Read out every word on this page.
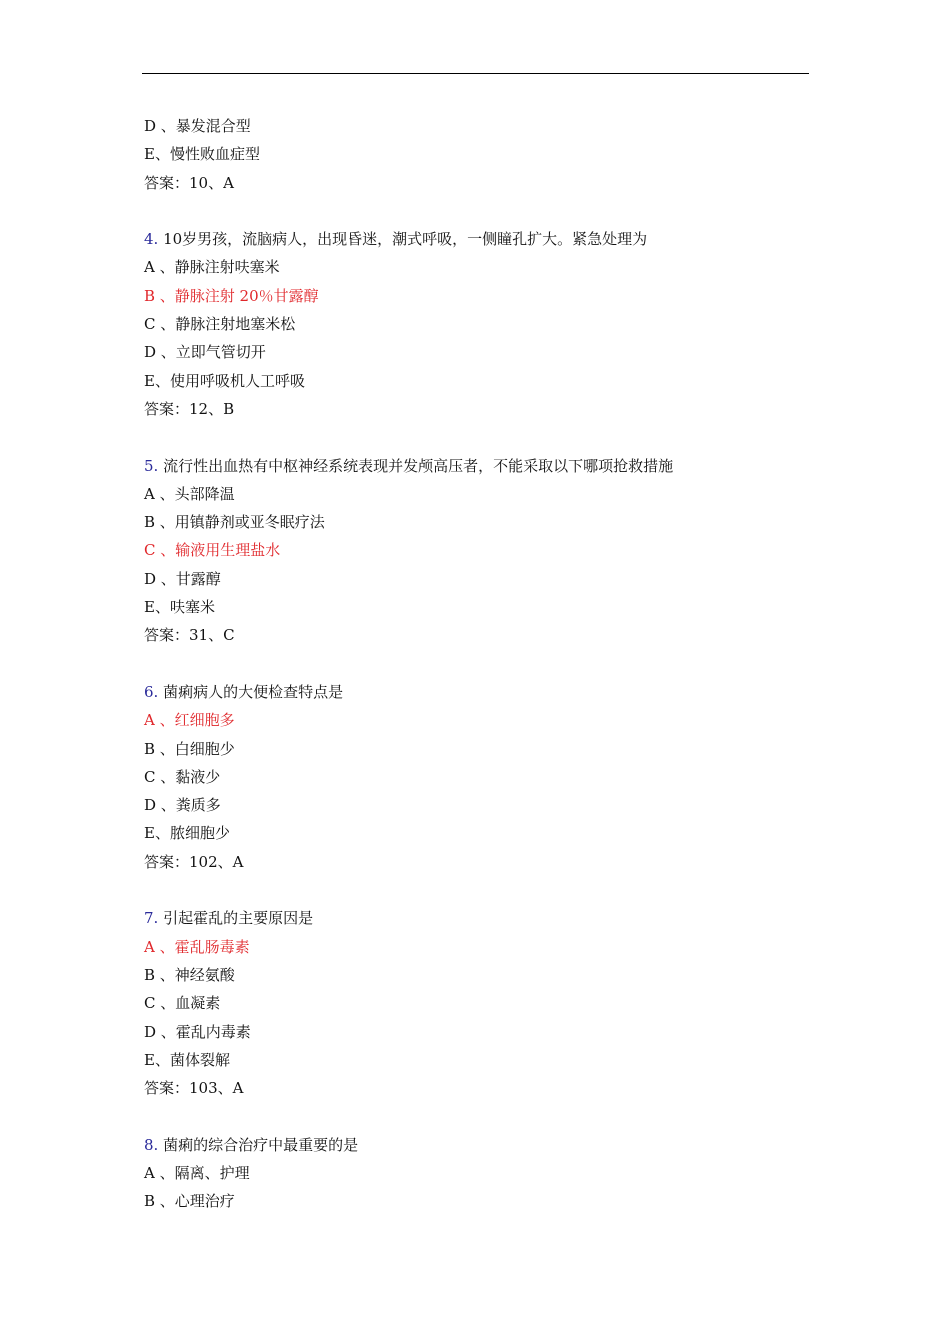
D 、暴发混合型
E、慢性败血症型
答案：10、A
4. 10岁男孩，流脑病人，出现昏迷，潮式呼吸，一侧瞳孔扩大。紧急处理为
A 、静脉注射呋塞米
B 、静脉注射 20％甘露醇
C 、静脉注射地塞米松
D 、立即气管切开
E、使用呼吸机人工呼吸
答案：12、B
5. 流行性出血热有中枢神经系统表现并发颅高压者，不能采取以下哪项抢救措施
A 、头部降温
B 、用镇静剂或亚冬眠疗法
C 、输液用生理盐水
D 、甘露醇
E、呋塞米
答案：31、C
6. 菌痢病人的大便检查特点是
A 、红细胞多
B 、白细胞少
C 、黏液少
D 、粪质多
E、脓细胞少
答案：102、A
7. 引起霍乱的主要原因是
A 、霍乱肠毒素
B 、神经氨酸
C 、血凝素
D 、霍乱内毒素
E、菌体裂解
答案：103、A
8. 菌痢的综合治疗中最重要的是
A 、隔离、护理
B 、心理治疗
